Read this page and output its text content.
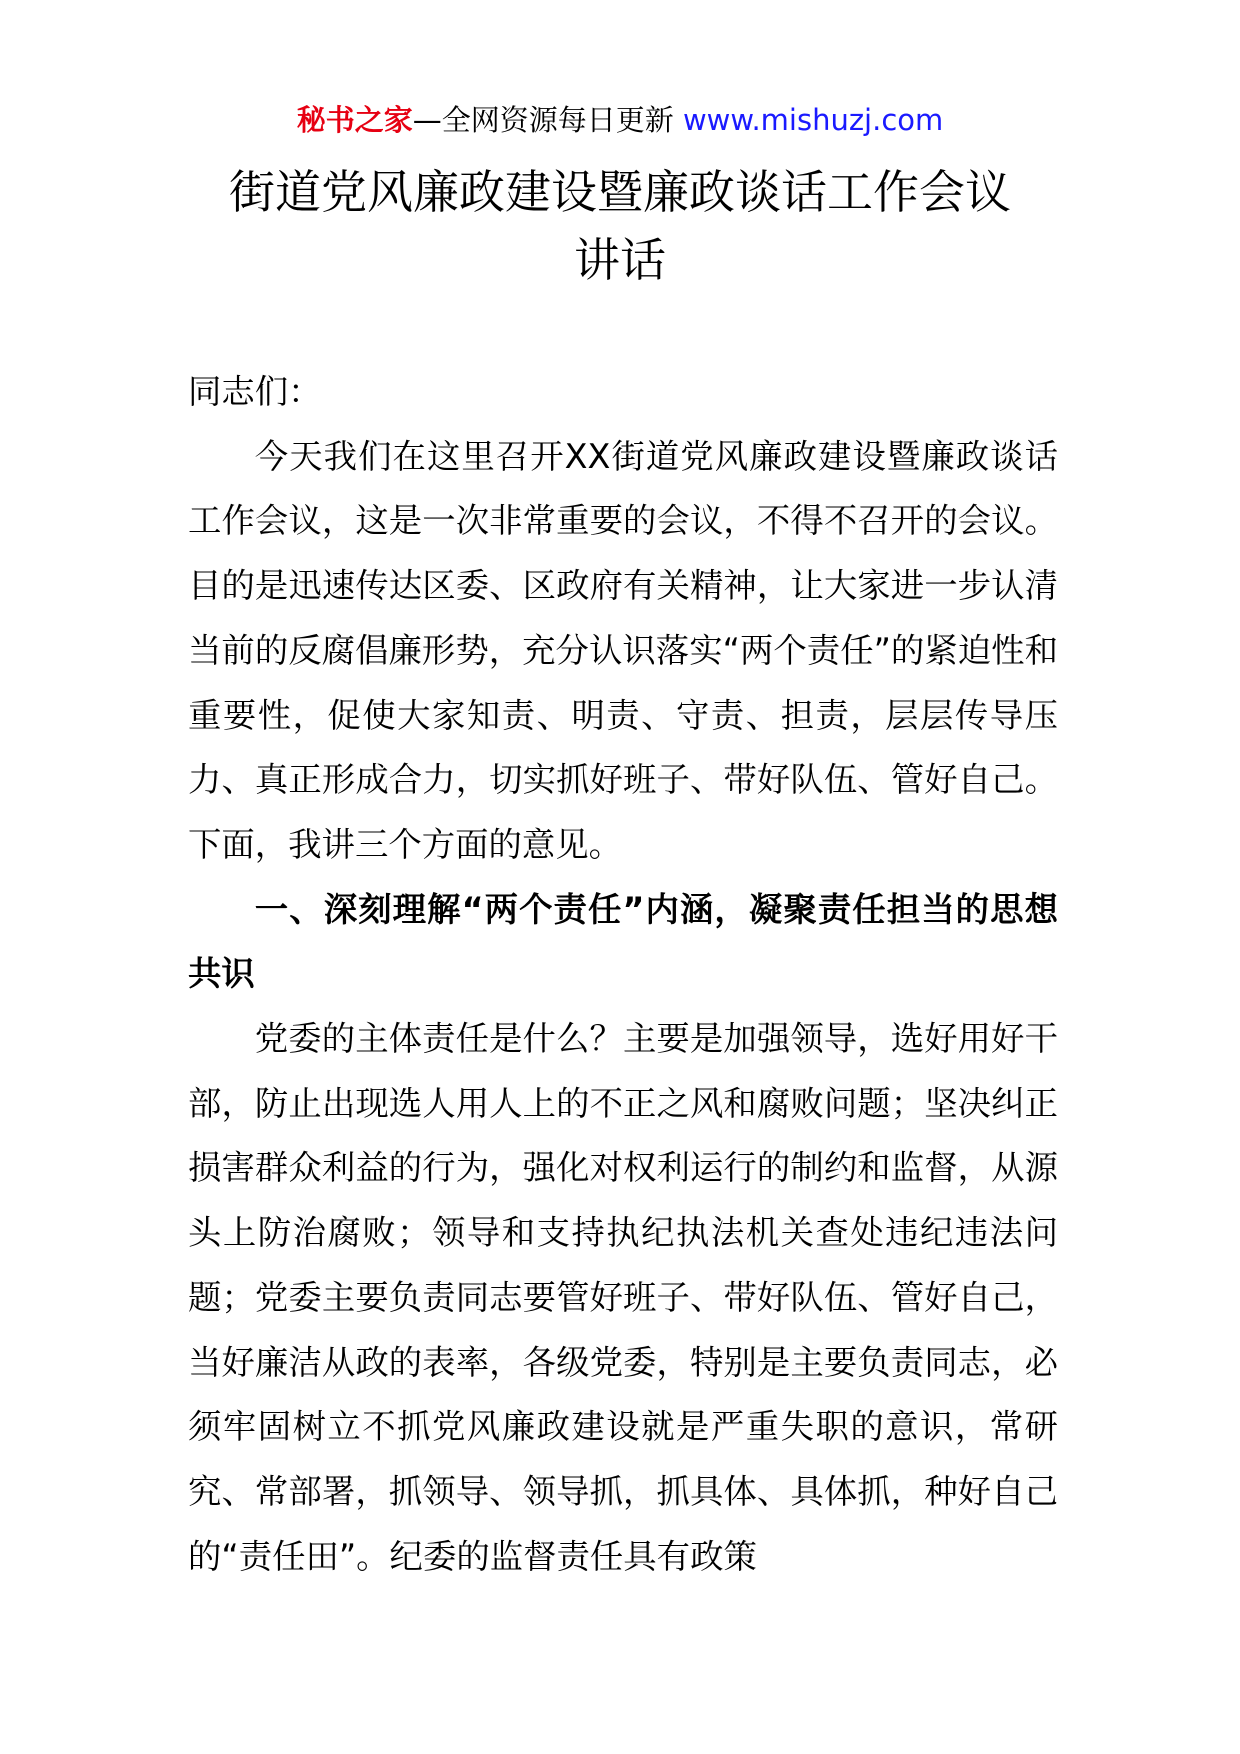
秘书之家—全网资源每日更新 www.mishuzj.com
街道党风廉政建设暨廉政谈话工作会议
讲话

同志们：

今天我们在这里召开XX街道党风廉政建设暨廉政谈话工作会议，这是一次非常重要的会议，不得不召开的会议。目的是迅速传达区委、区政府有关精神，让大家进一步认清当前的反腐倡廉形势，充分认识落实“两个责任”的紧迫性和重要性，促使大家知责、明责、守责、担责，层层传导压力、真正形成合力，切实抓好班子、带好队伍、管好自己。下面，我讲三个方面的意见。

一、深刻理解“两个责任”内涵，凝聚责任担当的思想共识

党委的主体责任是什么？主要是加强领导，选好用好干部，防止出现选人用人上的不正之风和腐败问题；坚决纠正损害群众利益的行为，强化对权利运行的制约和监督，从源头上防治腐败；领导和支持执纪执法机关查处违纪违法问题；党委主要负责同志要管好班子、带好队伍、管好自己，当好廉洁从政的表率，各级党委，特别是主要负责同志，必须牢固树立不抓党风廉政建设就是严重失职的意识，常研究、常部署，抓领导、领导抓，抓具体、具体抓，种好自己的“责任田”。纪委的监督责任具有政策
